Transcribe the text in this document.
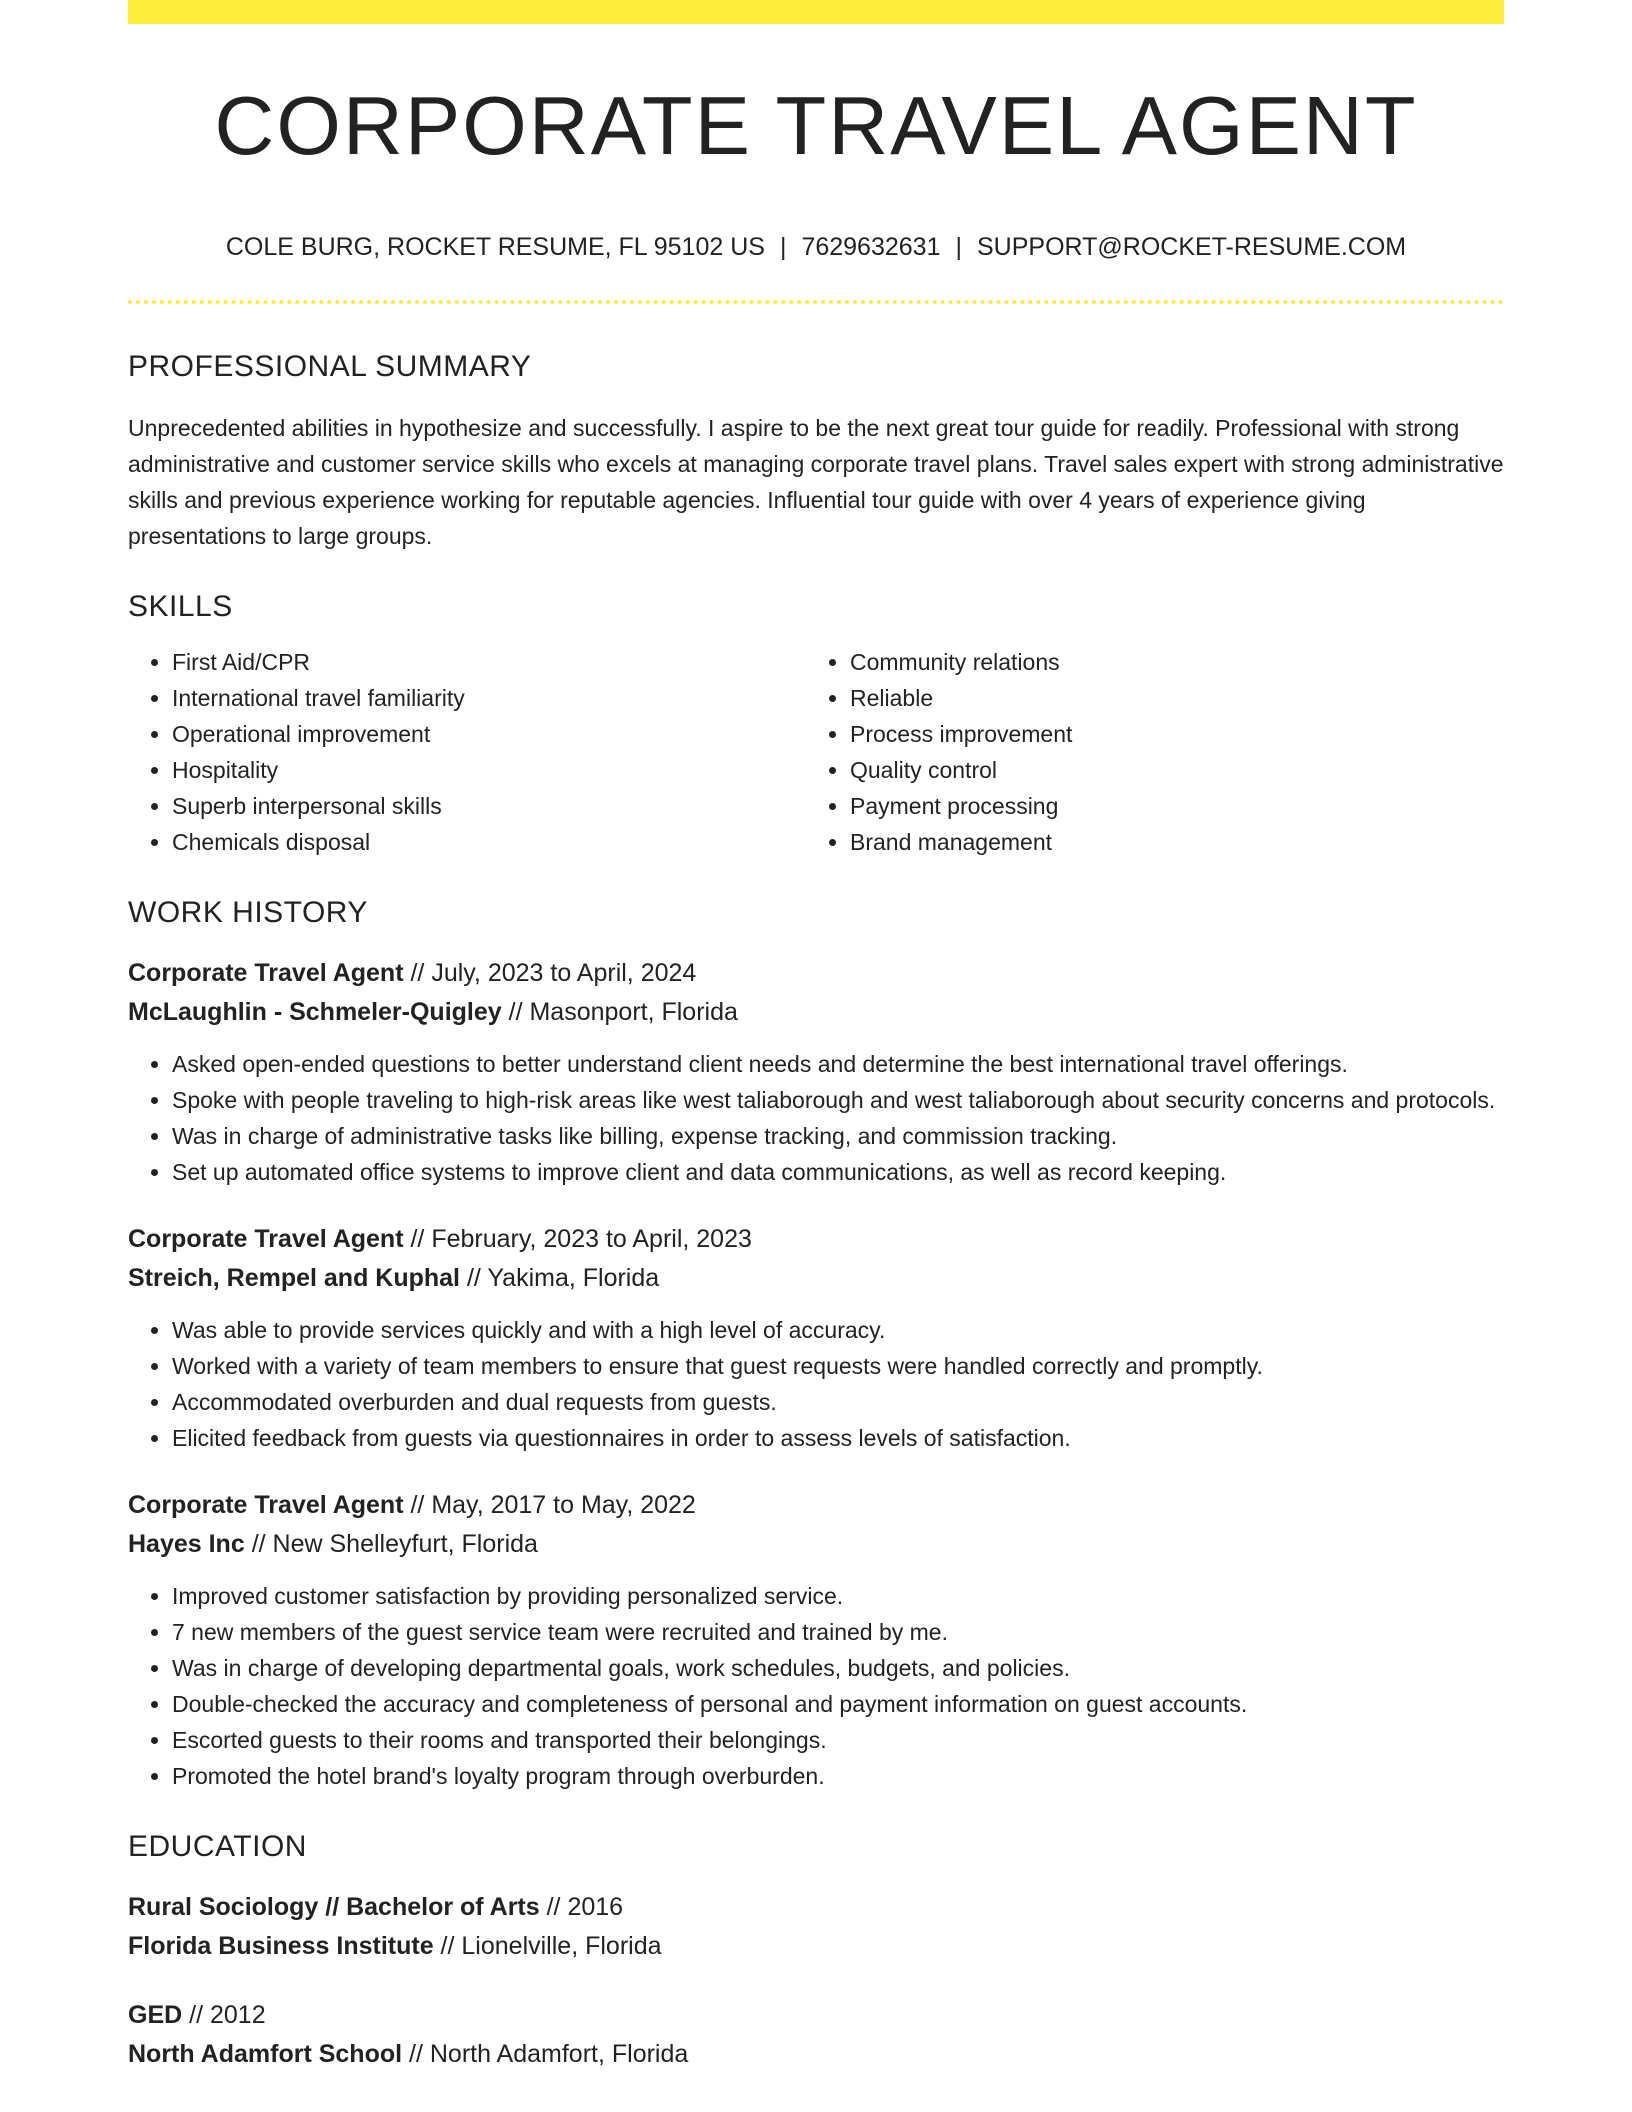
CORPORATE TRAVEL AGENT
COLE BURG, ROCKET RESUME, FL 95102 US | 7629632631 | SUPPORT@ROCKET-RESUME.COM
PROFESSIONAL SUMMARY

Unprecedented abilities in hypothesize and successfully. I aspire to be the next great tour guide for readily. Professional with strong administrative and customer service skills who excels at managing corporate travel plans. Travel sales expert with strong administrative skills and previous experience working for reputable agencies. Influential tour guide with over 4 years of experience giving presentations to large groups.

SKILLS
• First Aid/CPR
• International travel familiarity
• Operational improvement
• Hospitality
• Superb interpersonal skills
• Chemicals disposal
• Community relations
• Reliable
• Process improvement
• Quality control
• Payment processing
• Brand management
WORK HISTORY
Corporate Travel Agent // July, 2023 to April, 2024
McLaughlin - Schmeler-Quigley // Masonport, Florida
• Asked open-ended questions to better understand client needs and determine the best international travel offerings.
• Spoke with people traveling to high-risk areas like west taliaborough and west taliaborough about security concerns and protocols.
• Was in charge of administrative tasks like billing, expense tracking, and commission tracking.
• Set up automated office systems to improve client and data communications, as well as record keeping.
Corporate Travel Agent // February, 2023 to April, 2023
Streich, Rempel and Kuphal // Yakima, Florida
• Was able to provide services quickly and with a high level of accuracy.
• Worked with a variety of team members to ensure that guest requests were handled correctly and promptly.
• Accommodated overburden and dual requests from guests.
• Elicited feedback from guests via questionnaires in order to assess levels of satisfaction.
Corporate Travel Agent // May, 2017 to May, 2022
Hayes Inc // New Shelleyfurt, Florida
• Improved customer satisfaction by providing personalized service.
• 7 new members of the guest service team were recruited and trained by me.
• Was in charge of developing departmental goals, work schedules, budgets, and policies.
• Double-checked the accuracy and completeness of personal and payment information on guest accounts.
• Escorted guests to their rooms and transported their belongings.
• Promoted the hotel brand's loyalty program through overburden.
EDUCATION
Rural Sociology // Bachelor of Arts // 2016
Florida Business Institute // Lionelville, Florida
GED // 2012
North Adamfort School // North Adamfort, Florida
